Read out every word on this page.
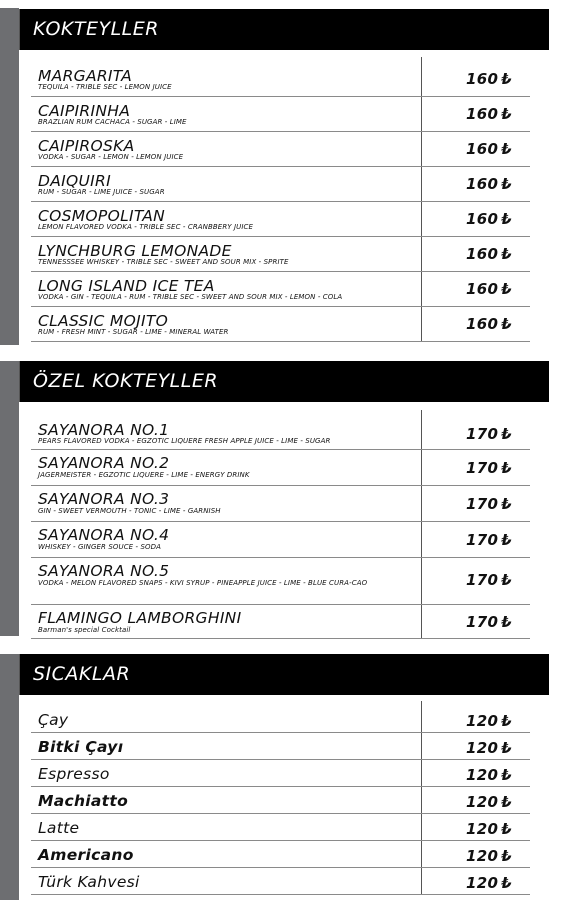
KOKTEYLLER
MARGARITA
TEQUILA - TRIBLE SEC - LEMON JUICE	160 ₺
CAIPIRINHA
BRAZLIAN RUM CACHACA - SUGAR - LIME	160 ₺
CAIPIROSKA
VODKA - SUGAR - LEMON - LEMON JUICE	160 ₺
DAIQUIRI
RUM - SUGAR - LIME JUICE - SUGAR	160 ₺
COSMOPOLITAN
LEMON FLAVORED VODKA - TRIBLE SEC - CRANBBERY JUICE	160 ₺
LYNCHBURG LEMONADE
TENNESSSEE WHISKEY - TRIBLE SEC - SWEET AND SOUR MIX - SPRITE	160 ₺
LONG ISLAND ICE TEA
VODKA - GIN - TEQUILA - RUM - TRIBLE SEC - SWEET AND SOUR MIX - LEMON - COLA	160 ₺
CLASSIC MOJITO
RUM - FRESH MINT - SUGAR - LIME - MINERAL WATER	160 ₺
ÖZEL KOKTEYLLER
SAYANORA NO.1
PEARS FLAVORED VODKA - EGZOTIC LIQUERE FRESH APPLE JUICE - LIME - SUGAR	170 ₺
SAYANORA NO.2
JAGERMEISTER - EGZOTIC LIQUERE - LIME - ENERGY DRINK	170 ₺
SAYANORA NO.3
GIN - SWEET VERMOUTH - TONIC - LIME - GARNISH	170 ₺
SAYANORA NO.4
WHISKEY - GINGER SOUCE - SODA	170 ₺
SAYANORA NO.5
VODKA - MELON FLAVORED SNAPS - KIVI SYRUP - PINEAPPLE JUICE - LIME - BLUE CURA-CAO	170 ₺
FLAMINGO LAMBORGHINI
Barman's special Cocktail	170 ₺
SICAKLAR
Çay	120 ₺
Bitki Çayı	120 ₺
Espresso	120 ₺
Machiatto	120 ₺
Latte	120 ₺
Americano	120 ₺
Türk Kahvesi	120 ₺
